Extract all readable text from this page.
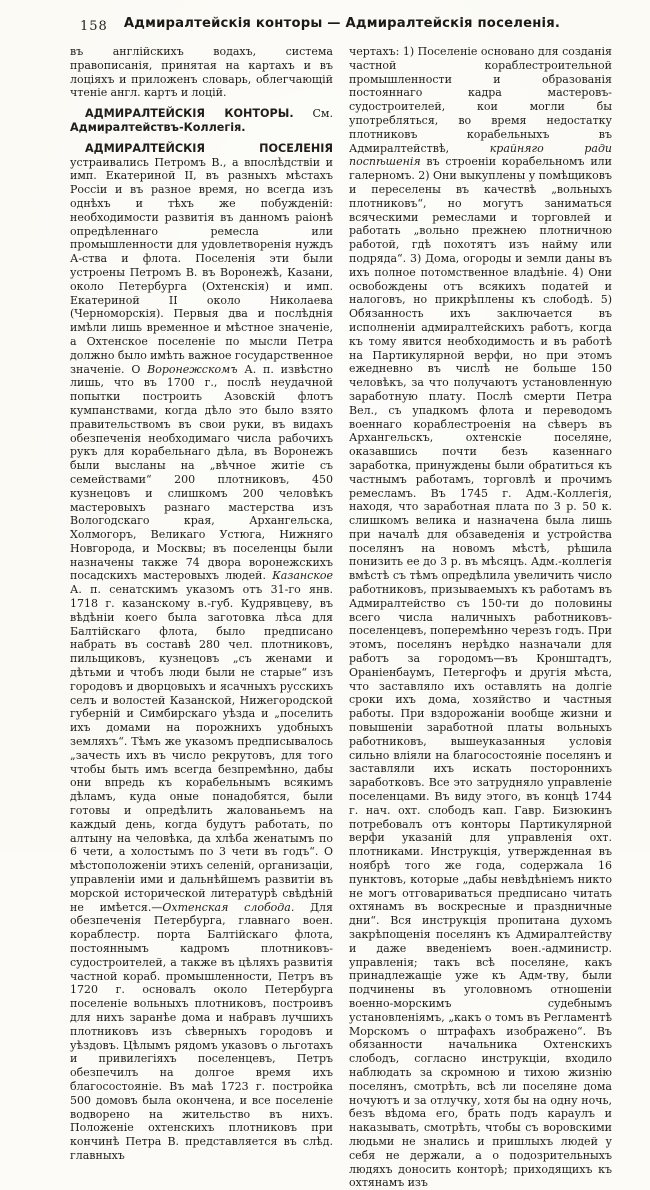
158	Адмиралтейскія конторы — Адмиралтейскія поселенія.

въ англійскихъ водахъ, система правописанія, принятая на картахъ и въ лоціяхъ и приложенъ словарь, облегчающій чтеніе англ. картъ и лоцій.

АДМИРАЛТЕЙСКІЯ КОНТОРЫ. См. Адмиралтействъ-Коллегія.

АДМИРАЛТЕЙСКІЯ ПОСЕЛЕНІЯ устраивались Петромъ В., а впослѣдствіи и имп. Екатериной II, въ разныхъ мѣстахъ Россіи и въ разное время, но всегда изъ однѣхъ и тѣхъ же побужденій: необходимости развитія въ данномъ раіонѣ опредѣленнаго ремесла или промышленности для удовлетворенія нуждъ А-ства и флота. Поселенія эти были устроены Петромъ В. въ Воронежѣ, Казани, около Петербурга (Охтенскія) и имп. Екатериной II около Николаева (Черноморскія). Первыя два и послѣднія имѣли лишь временное и мѣстное значеніе, а Охтенское поселеніе по мысли Петра должно было имѣть важное государственное значеніе. О Воронежскомъ А. п. извѣстно лишь, что въ 1700 г., послѣ неудачной попытки построить Азовскій флотъ кумпанствами, когда дѣло это было взято правительствомъ въ свои руки, въ видахъ обезпеченія необходимаго числа рабочихъ рукъ для корабельнаго дѣла, въ Воронежъ были высланы на „вѣчное житіе съ семействами“ 200 плотниковъ, 450 кузнецовъ и слишкомъ 200 человѣкъ мастеровыхъ разнаго мастерства изъ Вологодскаго края, Архангельска, Холмогоръ, Великаго Устюга, Нижняго Новгорода, и Москвы; въ поселенцы были назначены также 74 двора воронежскихъ посадскихъ мастеровыхъ людей. Казанское А. п. сенатскимъ указомъ отъ 31-го янв. 1718 г. казанскому в.-губ. Кудрявцеву, въ вѣдѣніи коего была заготовка лѣса для Балтійскаго флота, было предписано набрать въ составѣ 280 чел. плотниковъ, пильщиковъ, кузнецовъ „съ женами и дѣтьми и чтобъ люди были не старые“ изъ городовъ и дворцовыхъ и ясачныхъ русскихъ селъ и волостей Казанской, Нижегородской губерній и Симбирскаго уѣзда и „поселить ихъ домами на порожнихъ удобныхъ земляхъ“. Тѣмъ же указомъ предписывалось „зачесть ихъ въ число рекрутовъ, для того чтобы быть имъ всегда безпремѣнно, дабы они впредь къ корабельнымъ всякимъ дѣламъ, куда оные понадобятся, были готовы и опредѣлить жалованьемъ на каждый день, когда будутъ работать, по алтыну на человѣка, да хлѣба женатымъ по 6 чети, а холостымъ по 3 чети въ годъ“. О мѣстоположеніи этихъ селеній, организаціи, управленіи ими и дальнѣйшемъ развитіи въ морской исторической литературѣ свѣдѣній не имѣется.—Охтенская слобода. Для обезпеченія Петербурга, главнаго воен. кораблестр. порта Балтійскаго флота, постояннымъ кадромъ плотниковъ-судостроителей, а также въ цѣляхъ развитія частной кораб. промышленности, Петръ въ 1720 г. основалъ около Петербурга поселеніе вольныхъ плотниковъ, построивъ для нихъ заранѣе дома и набравъ лучшихъ плотниковъ изъ сѣверныхъ городовъ и уѣздовъ. Цѣлымъ рядомъ указовъ о льготахъ и привилегіяхъ поселенцевъ, Петръ обезпечилъ на долгое время ихъ благосостояніе. Въ маѣ 1723 г. постройка 500 домовъ была окончена, и все поселеніе водворено на жительство въ нихъ. Положеніе охтенскихъ плотниковъ при кончинѣ Петра В. представляется въ слѣд. главныхъ

чертахъ: 1) Поселеніе основано для созданія частной кораблестроительной промышленности и образованія постояннаго кадра мастеровъ-судостроителей, кои могли бы употребляться, во время недостатку плотниковъ корабельныхъ въ Адмиралтействѣ, крайняго ради поспѣшенія въ строеніи корабельномъ или галерномъ. 2) Они выкуплены у помѣщиковъ и переселены въ качествѣ „вольныхъ плотниковъ“, но могутъ заниматься всяческими ремеслами и торговлей и работать „вольно прежнею плотничною работой, гдѣ похотятъ изъ найму или подряда“. 3) Дома, огороды и земли даны въ ихъ полное потомственное владѣніе. 4) Они освобождены отъ всякихъ податей и налоговъ, но прикрѣплены къ слободѣ. 5) Обязанность ихъ заключается въ исполненіи адмиралтейскихъ работъ, когда къ тому явится необходимость и въ работѣ на Партикулярной верфи, но при этомъ ежедневно въ числѣ не больше 150 человѣкъ, за что получаютъ установленную заработную плату. Послѣ смерти Петра Вел., съ упадкомъ флота и переводомъ военнаго кораблестроенія на сѣверъ въ Архангельскъ, охтенскіе поселяне, оказавшись почти безъ казеннаго заработка, принуждены были обратиться къ частнымъ работамъ, торговлѣ и прочимъ ремесламъ. Въ 1745 г. Адм.-Коллегія, находя, что заработная плата по 3 р. 50 к. слишкомъ велика и назначена была лишь при началѣ для обзаведенія и устройства поселянъ на новомъ мѣстѣ, рѣшила понизить ее до 3 р. въ мѣсяцъ. Адм.-коллегія вмѣстѣ съ тѣмъ опредѣлила увеличить число работниковъ, призываемыхъ къ работамъ въ Адмиралтейство съ 150-ти до половины всего числа наличныхъ работниковъ-поселенцевъ, поперемѣнно черезъ годъ. При этомъ, поселянъ нерѣдко назначали для работъ за городомъ—въ Кронштадтъ, Ораніенбаумъ, Петергофъ и другія мѣста, что заставляло ихъ оставлять на долгіе сроки ихъ дома, хозяйство и частныя работы. При вздорожаніи вообще жизни и повышеніи заработной платы вольныхъ работниковъ, вышеуказанныя условія сильно вліяли на благосостояніе поселянъ и заставляли ихъ искать постороннихъ заработковъ. Все это затрудняло управленіе поселенцами. Въ виду этого, въ концѣ 1744 г. нач. охт. слободъ кап. Гавр. Бизюкинъ потребовалъ отъ конторы Партикулярной верфи указаній для управленія охт. плотниками. Инструкція, утвержденная въ ноябрѣ того же года, содержала 16 пунктовъ, которые „дабы невѣдѣніемъ никто не могъ отговариваться предписано читать охтянамъ въ воскресные и праздничные дни“. Вся инструкція пропитана духомъ закрѣпощенія поселянъ къ Адмиралтейству и даже введеніемъ воен.-администр. управленія; такъ всѣ поселяне, какъ принадлежащіе уже къ Адм-тву, были подчинены въ уголовномъ отношеніи военно-морскимъ судебнымъ установленіямъ, „какъ о томъ въ Регламентѣ Морскомъ о штрафахъ изображено“. Въ обязанности начальника Охтенскихъ слободъ, согласно инструкціи, входило наблюдать за скромною и тихою жизнію поселянъ, смотрѣть, всѣ ли поселяне дома ночуютъ и за отлучку, хотя бы на одну ночь, безъ вѣдома его, брать подъ караулъ и наказывать, смотрѣть, чтобы съ воровскими людьми не знались и пришлыхъ людей у себя не держали, а о подозрительныхъ людяхъ доносить конторѣ; приходящихъ къ охтянамъ изъ
